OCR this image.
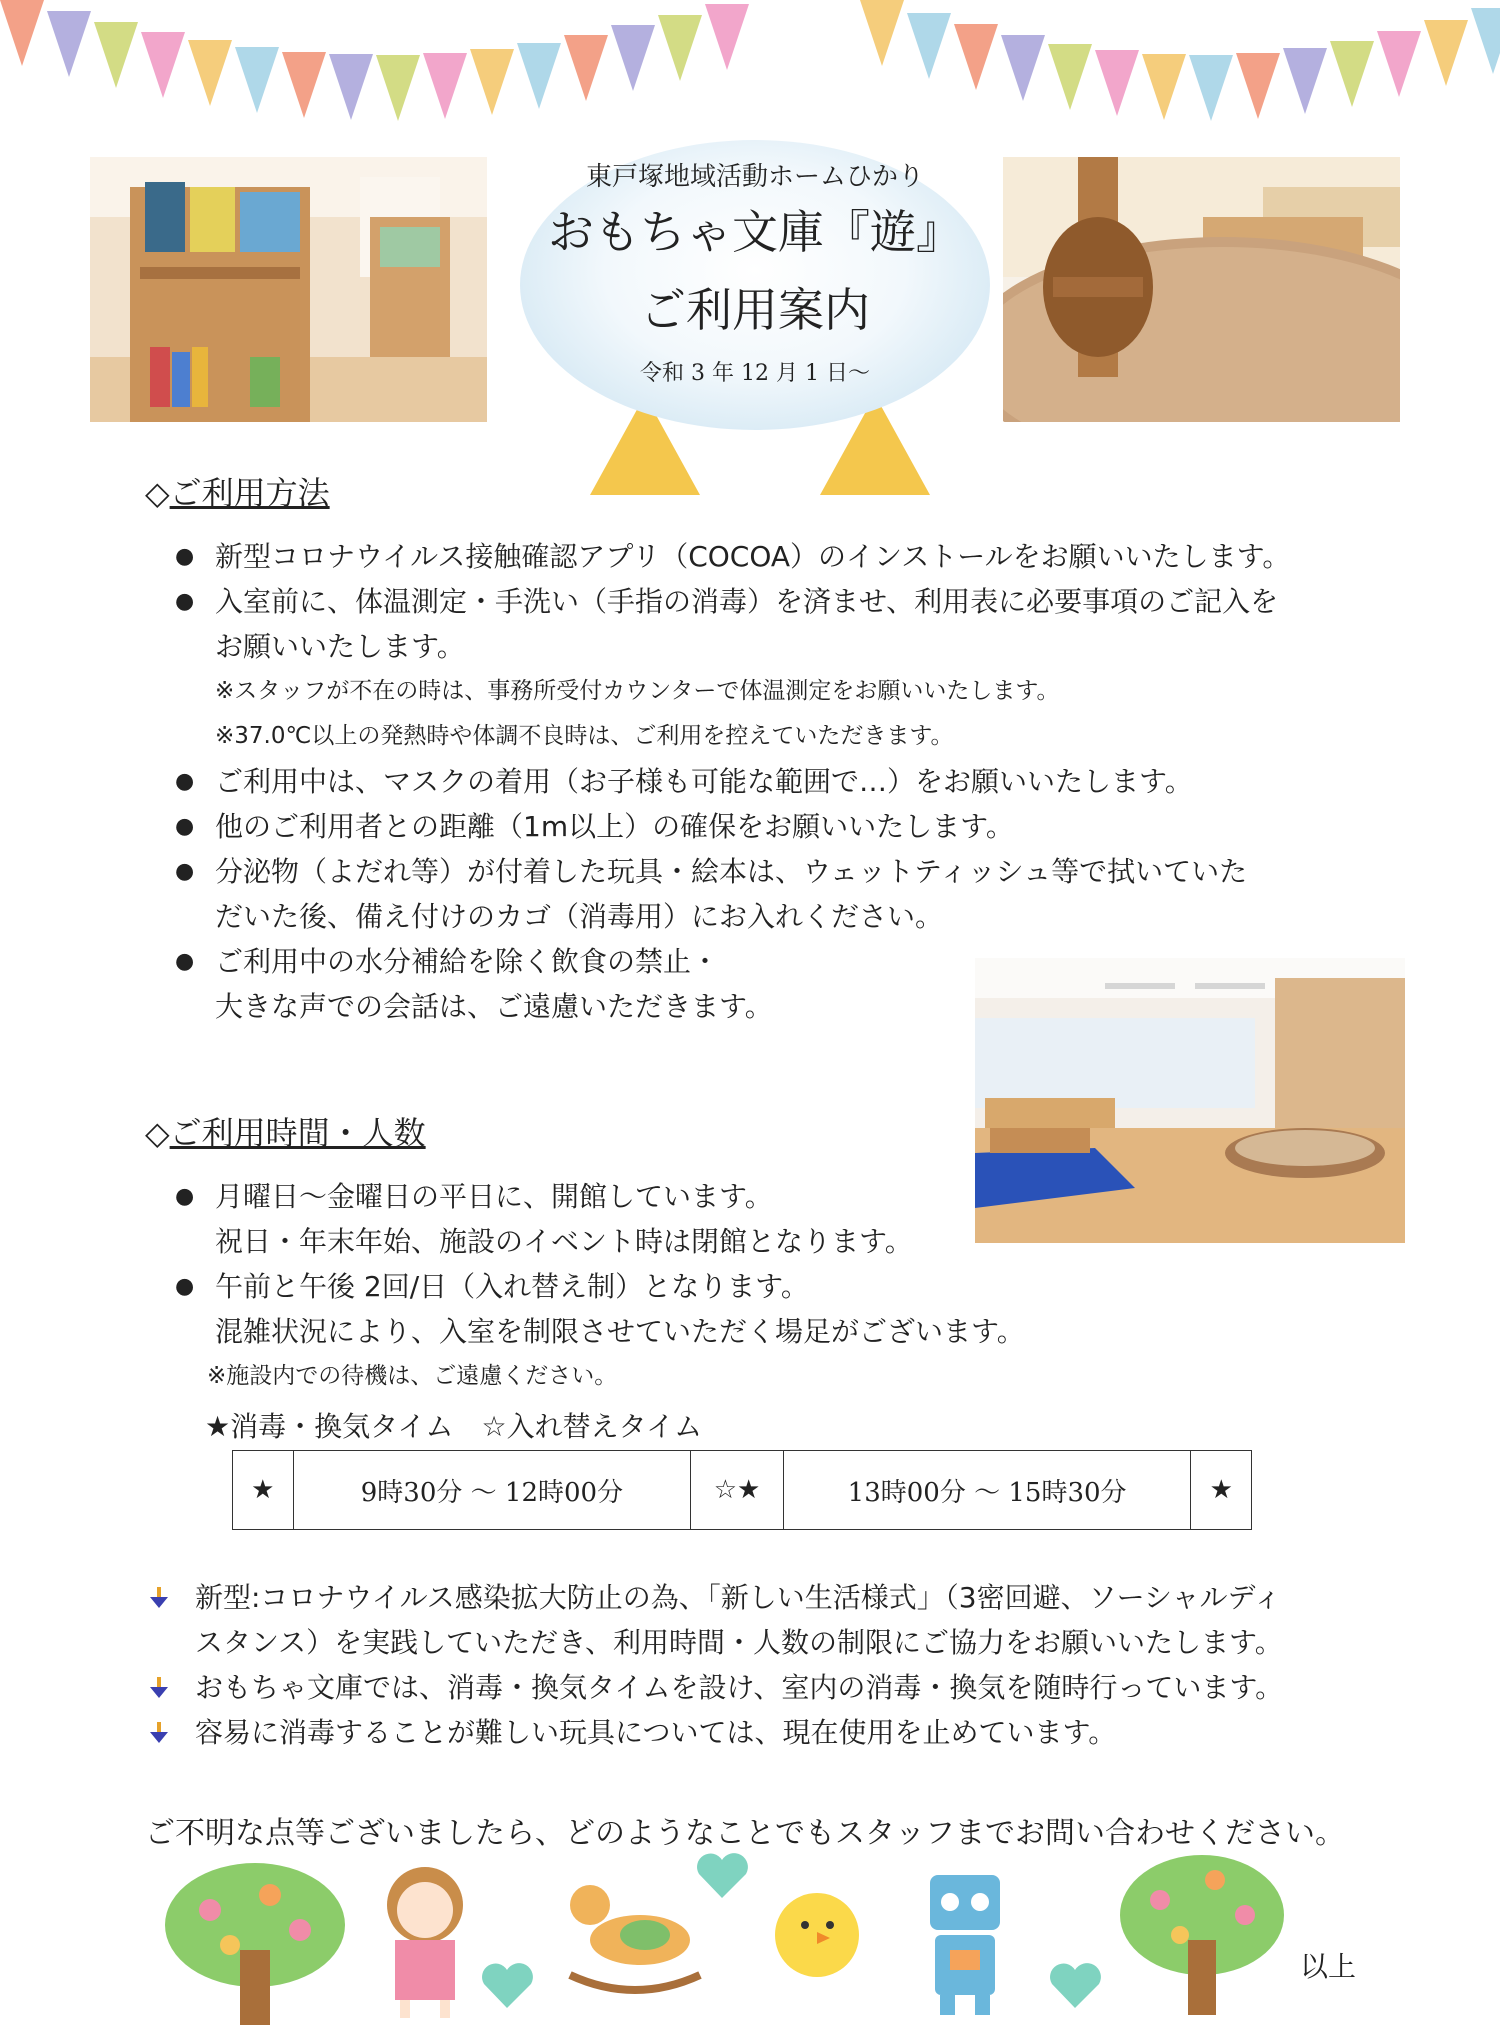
東戸塚地域活動ホームひかり
おもちゃ文庫『遊』
ご利用案内
令和 3 年 12 月 1 日～
◇ご利用方法
● 新型コロナウイルス接触確認アプリ（COCOA）のインストールをお願いいたします。
● 入室前に、体温測定・手洗い（手指の消毒）を済ませ、利用表に必要事項のご記入を
お願いいたします。
※スタッフが不在の時は、事務所受付カウンターで体温測定をお願いいたします。
※37.0℃以上の発熱時や体調不良時は、ご利用を控えていただきます。
● ご利用中は、マスクの着用（お子様も可能な範囲で…）をお願いいたします。
● 他のご利用者との距離（1m以上）の確保をお願いいたします。
● 分泌物（よだれ等）が付着した玩具・絵本は、ウェットティッシュ等で拭いていた
だいた後、備え付けのカゴ（消毒用）にお入れください。
● ご利用中の水分補給を除く飲食の禁止・
大きな声での会話は、ご遠慮いただきます。
◇ご利用時間・人数
● 月曜日～金曜日の平日に、開館しています。
祝日・年末年始、施設のイベント時は閉館となります。
● 午前と午後 2回/日（入れ替え制）となります。
混雑状況により、入室を制限させていただく場足がございます。
※施設内での待機は、ご遠慮ください。
★消毒・換気タイム　☆入れ替えタイム
★	9時30分 ～ 12時00分	☆★	13時00分 ～ 15時30分	★
新型:コロナウイルス感染拡大防止の為、「新しい生活様式」（3密回避、ソーシャルディ
スタンス）を実践していただき、利用時間・人数の制限にご協力をお願いいたします。
おもちゃ文庫では、消毒・換気タイムを設け、室内の消毒・換気を随時行っています。
容易に消毒することが難しい玩具については、現在使用を止めています。
ご不明な点等ございましたら、どのようなことでもスタッフまでお問い合わせください。
以上
